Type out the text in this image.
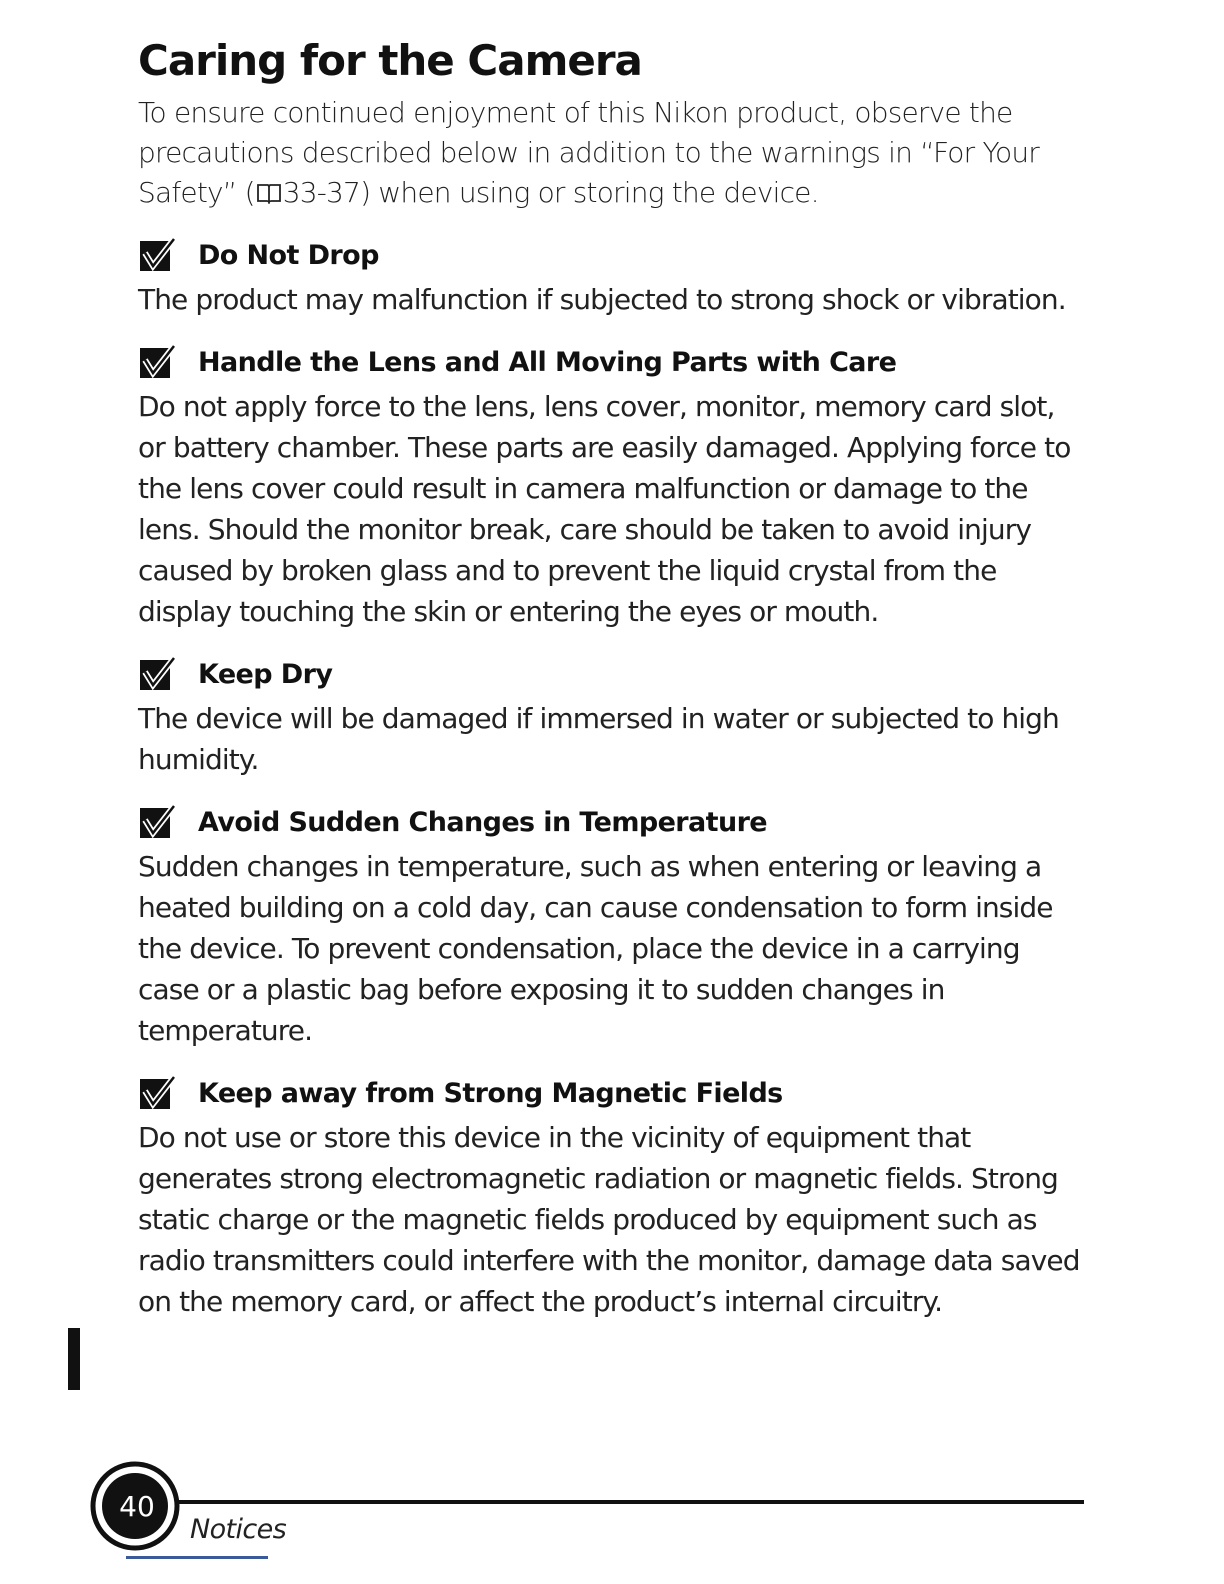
Caring for the Camera

To ensure continued enjoyment of this Nikon product, observe the precautions described below in addition to the warnings in “For Your Safety” ( 33-37) when using or storing the device.

Do Not Drop

The product may malfunction if subjected to strong shock or vibration.

Handle the Lens and All Moving Parts with Care

Do not apply force to the lens, lens cover, monitor, memory card slot, or battery chamber. These parts are easily damaged. Applying force to the lens cover could result in camera malfunction or damage to the lens. Should the monitor break, care should be taken to avoid injury caused by broken glass and to prevent the liquid crystal from the display touching the skin or entering the eyes or mouth.

Keep Dry

The device will be damaged if immersed in water or subjected to high humidity.

Avoid Sudden Changes in Temperature

Sudden changes in temperature, such as when entering or leaving a heated building on a cold day, can cause condensation to form inside the device. To prevent condensation, place the device in a carrying case or a plastic bag before exposing it to sudden changes in temperature.

Keep away from Strong Magnetic Fields

Do not use or store this device in the vicinity of equipment that generates strong electromagnetic radiation or magnetic fields. Strong static charge or the magnetic fields produced by equipment such as radio transmitters could interfere with the monitor, damage data saved on the memory card, or affect the product’s internal circuitry.

40
Notices
